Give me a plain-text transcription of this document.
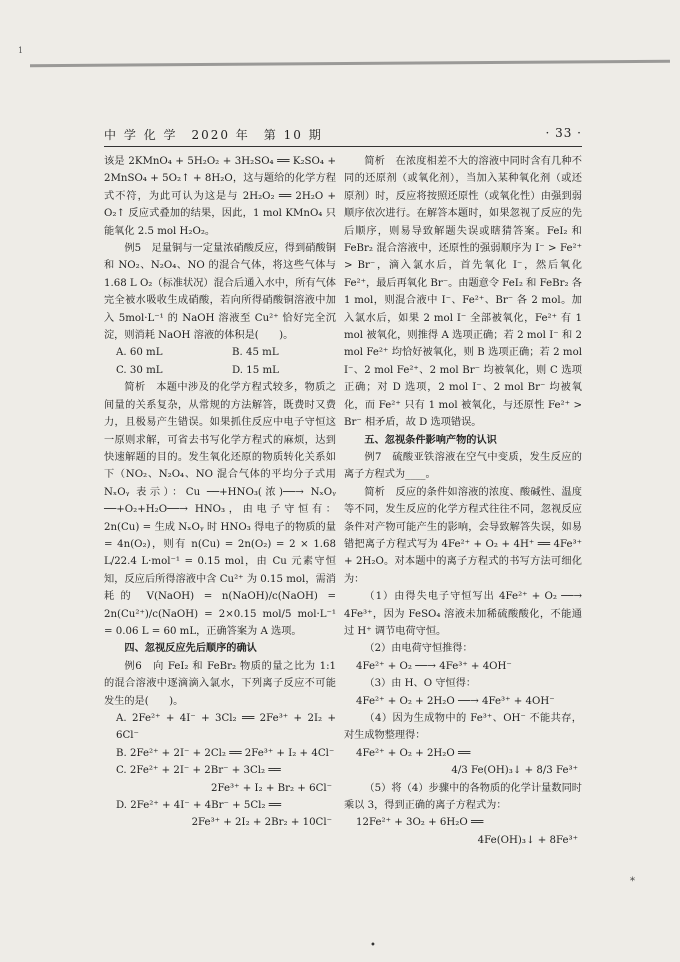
1
中 学 化 学　2020 年　第 10 期	· 33 ·

该是 2KMnO₄ + 5H₂O₂ + 3H₂SO₄ ══ K₂SO₄ + 2MnSO₄ + 5O₂↑ + 8H₂O，这与题给的化学方程式不符，为此可认为这是与 2H₂O₂ ══ 2H₂O + O₂↑ 反应式叠加的结果，因此，1 mol KMnO₄ 只能氧化 2.5 mol H₂O₂。

例5　足量铜与一定量浓硝酸反应，得到硝酸铜和 NO₂、N₂O₄、NO 的混合气体，将这些气体与 1.68 L O₂（标准状况）混合后通入水中，所有气体完全被水吸收生成硝酸，若向所得硝酸铜溶液中加入 5mol·L⁻¹ 的 NaOH 溶液至 Cu²⁺ 恰好完全沉淀，则消耗 NaOH 溶液的体积是(　　)。

A. 60 mL	B. 45 mL
C. 30 mL	D. 15 mL

简析　本题中涉及的化学方程式较多，物质之间量的关系复杂，从常规的方法解答，既费时又费力，且极易产生错误。如果抓住反应中电子守恒这一原则求解，可省去书写化学方程式的麻烦，达到快速解题的目的。发生氧化还原的物质转化关系如下（NO₂、N₂O₄、NO 混合气体的平均分子式用 NₓOᵧ 表示）：Cu ──+HNO₃(浓)──→ NₓOᵧ ──+O₂+H₂O──→ HNO₃，由电子守恒有：2n(Cu) = 生成 NₓOᵧ 时 HNO₃ 得电子的物质的量 = 4n(O₂)，则有 n(Cu) = 2n(O₂) = 2 × 1.68 L/22.4 L·mol⁻¹ = 0.15 mol，由 Cu 元素守恒知，反应后所得溶液中含 Cu²⁺ 为 0.15 mol，需消耗的 V(NaOH) = n(NaOH)/c(NaOH) = 2n(Cu²⁺)/c(NaOH) = 2×0.15 mol/5 mol·L⁻¹ = 0.06 L = 60 mL，正确答案为 A 选项。

四、忽视反应先后顺序的确认

例6　向 FeI₂ 和 FeBr₂ 物质的量之比为 1:1 的混合溶液中逐滴滴入氯水，下列离子反应不可能发生的是(　　)。

A. 2Fe²⁺ + 4I⁻ + 3Cl₂ ══ 2Fe³⁺ + 2I₂ + 6Cl⁻

B. 2Fe²⁺ + 2I⁻ + 2Cl₂ ══ 2Fe³⁺ + I₂ + 4Cl⁻

C. 2Fe²⁺ + 2I⁻ + 2Br⁻ + 3Cl₂ ══

2Fe³⁺ + I₂ + Br₂ + 6Cl⁻

D. 2Fe²⁺ + 4I⁻ + 4Br⁻ + 5Cl₂ ══

2Fe³⁺ + 2I₂ + 2Br₂ + 10Cl⁻

简析　在浓度相差不大的溶液中同时含有几种不同的还原剂（或氧化剂），当加入某种氧化剂（或还原剂）时，反应将按照还原性（或氧化性）由强到弱顺序依次进行。在解答本题时，如果忽视了反应的先后顺序，则易导致解题失误或瞎猜答案。FeI₂ 和 FeBr₂ 混合溶液中，还原性的强弱顺序为 I⁻ > Fe²⁺ > Br⁻，滴入氯水后，首先氧化 I⁻，然后氧化 Fe²⁺，最后再氧化 Br⁻。由题意令 FeI₂ 和 FeBr₂ 各 1 mol，则混合液中 I⁻、Fe²⁺、Br⁻ 各 2 mol。加入氯水后，如果 2 mol I⁻ 全部被氧化，Fe²⁺ 有 1 mol 被氧化，则推得 A 选项正确；若 2 mol I⁻ 和 2 mol Fe²⁺ 均恰好被氧化，则 B 选项正确；若 2 mol I⁻、2 mol Fe²⁺、2 mol Br⁻ 均被氧化，则 C 选项正确；对 D 选项，2 mol I⁻、2 mol Br⁻ 均被氧化，而 Fe²⁺ 只有 1 mol 被氧化，与还原性 Fe²⁺ > Br⁻ 相矛盾，故 D 选项错误。

五、忽视条件影响产物的认识

例7　硫酸亚铁溶液在空气中变质，发生反应的离子方程式为____。

简析　反应的条件如溶液的浓度、酸碱性、温度等不同，发生反应的化学方程式往往不同，忽视反应条件对产物可能产生的影响，会导致解答失误，如易错把离子方程式写为 4Fe²⁺ + O₂ + 4H⁺ ══ 4Fe³⁺ + 2H₂O。对本题中的离子方程式的书写方法可细化为：

（1）由得失电子守恒写出 4Fe²⁺ + O₂ ──→ 4Fe³⁺，因为 FeSO₄ 溶液未加稀硫酸酸化，不能通过 H⁺ 调节电荷守恒。

（2）由电荷守恒推得：

4Fe²⁺ + O₂ ──→ 4Fe³⁺ + 4OH⁻

（3）由 H、O 守恒得：

4Fe²⁺ + O₂ + 2H₂O ──→ 4Fe³⁺ + 4OH⁻

（4）因为生成物中的 Fe³⁺、OH⁻ 不能共存，对生成物整理得：

4Fe²⁺ + O₂ + 2H₂O ══

4/3 Fe(OH)₃↓ + 8/3 Fe³⁺

（5）将（4）步骤中的各物质的化学计量数同时乘以 3，得到正确的离子方程式为：

12Fe²⁺ + 3O₂ + 6H₂O ══

4Fe(OH)₃↓ + 8Fe³⁺

*
•
